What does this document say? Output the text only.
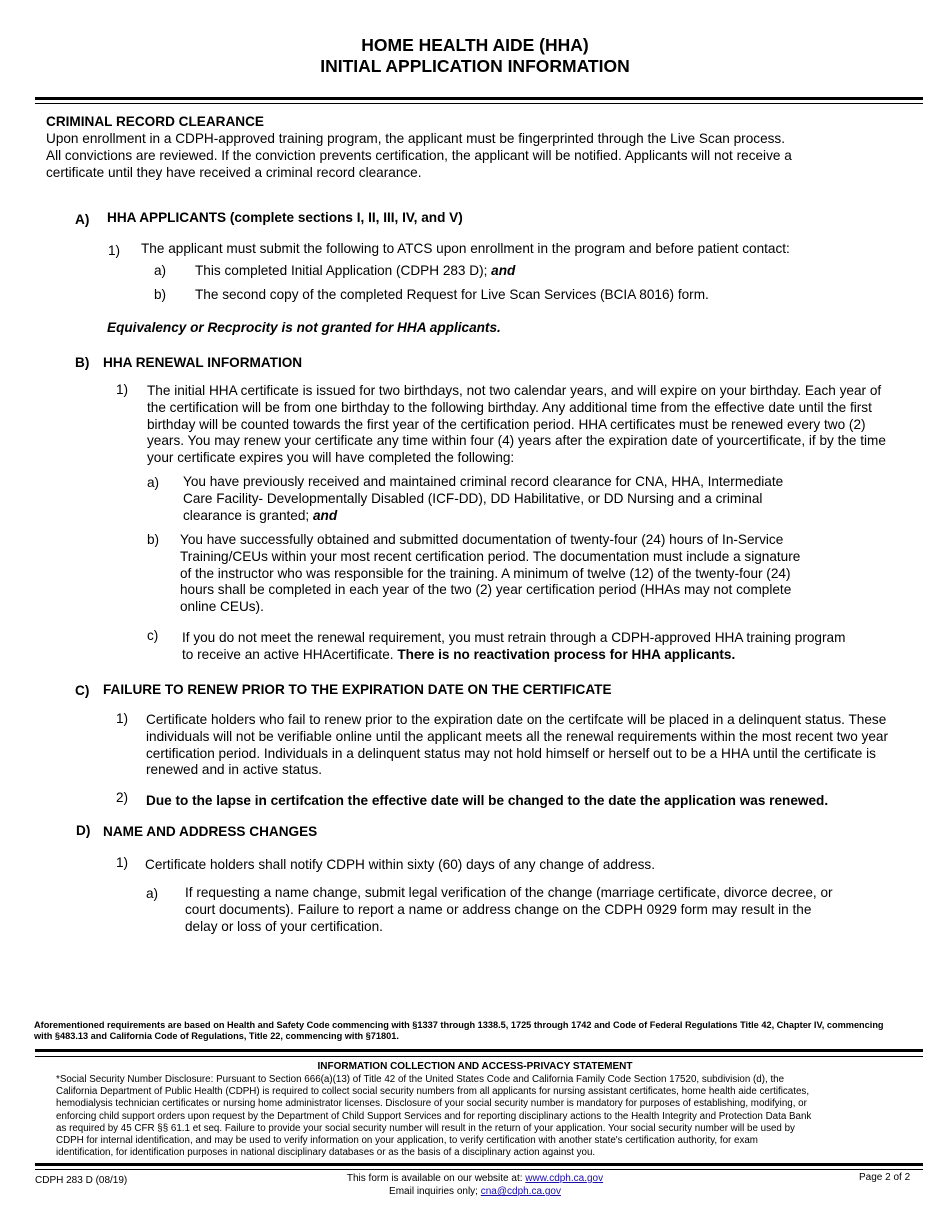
HOME HEALTH AIDE (HHA)
INITIAL APPLICATION INFORMATION
CRIMINAL RECORD CLEARANCE
Upon enrollment in a CDPH-approved training program, the applicant must be fingerprinted through the Live Scan process.
All convictions are reviewed. If the conviction prevents certification, the applicant will be notified. Applicants will not receive a
certificate until they have received a criminal record clearance.
A) HHA APPLICANTS (complete sections I, II, III, IV, and V)
1) The applicant must submit the following to ATCS upon enrollment in the program and before patient contact:
a) This completed Initial Application (CDPH 283 D); and
b) The second copy of the completed Request for Live Scan Services (BCIA 8016) form.
Equivalency or Recprocity is not granted for HHA applicants.
B) HHA RENEWAL INFORMATION
1) The initial HHA certificate is issued for two birthdays, not two calendar years, and will expire on your birthday. Each year of
the certification will be from one birthday to the following birthday. Any additional time from the effective date until the first
birthday will be counted towards the first year of the certification period. HHA certificates must be renewed every two (2)
years. You may renew your certificate any time within four (4) years after the expiration date of yourcertificate, if by the time
your certificate expires you will have completed the following:
a) You have previously received and maintained criminal record clearance for CNA, HHA, Intermediate
Care Facility- Developmentally Disabled (ICF-DD), DD Habilitative, or DD Nursing and a criminal
clearance is granted; and
b) You have successfully obtained and submitted documentation of twenty-four (24) hours of In-Service
Training/CEUs within your most recent certification period. The documentation must include a signature
of the instructor who was responsible for the training. A minimum of twelve (12) of the twenty-four (24)
hours shall be completed in each year of the two (2) year certification period (HHAs may not complete
online CEUs).
c) If you do not meet the renewal requirement, you must retrain through a CDPH-approved HHA training program
to receive an active HHAcertificate. There is no reactivation process for HHA applicants.
C) FAILURE TO RENEW PRIOR TO THE EXPIRATION DATE ON THE CERTIFICATE
1) Certificate holders who fail to renew prior to the expiration date on the certifcate will be placed in a delinquent status. These
individuals will not be verifiable online until the applicant meets all the renewal requirements within the most recent two year
certification period. Individuals in a delinquent status may not hold himself or herself out to be a HHA until the certificate is
renewed and in active status.
2) Due to the lapse in certifcation the effective date will be changed to the date the application was renewed.
D) NAME AND ADDRESS CHANGES
1) Certificate holders shall notify CDPH within sixty (60) days of any change of address.
a) If requesting a name change, submit legal verification of the change (marriage certificate, divorce decree, or
court documents). Failure to report a name or address change on the CDPH 0929 form may result in the
delay or loss of your certification.
Aforementioned requirements are based on Health and Safety Code commencing with §1337 through 1338.5, 1725 through 1742 and Code of Federal Regulations Title 42, Chapter IV, commencing
with §483.13 and California Code of Regulations, Title 22, commencing with §71801.
INFORMATION COLLECTION AND ACCESS-PRIVACY STATEMENT
*Social Security Number Disclosure: Pursuant to Section 666(a)(13) of Title 42 of the United States Code and California Family Code Section 17520, subdivision (d), the
California Department of Public Health (CDPH) is required to collect social security numbers from all applicants for nursing assistant certificates, home health aide certificates,
hemodialysis technician certificates or nursing home administrator licenses. Disclosure of your social security number is mandatory for purposes of establishing, modifying, or
enforcing child support orders upon request by the Department of Child Support Services and for reporting disciplinary actions to the Health Integrity and Protection Data Bank
as required by 45 CFR §§ 61.1 et seq. Failure to provide your social security number will result in the return of your application. Your social security number will be used by
CDPH for internal identification, and may be used to verify information on your application, to verify certification with another state's certification authority, for exam
identification, for identification purposes in national disciplinary databases or as the basis of a disciplinary action against you.
CDPH 283 D (08/19)	This form is available on our website at: www.cdph.ca.gov
Email inquiries only; cna@cdph.ca.gov
Page 2 of 2
